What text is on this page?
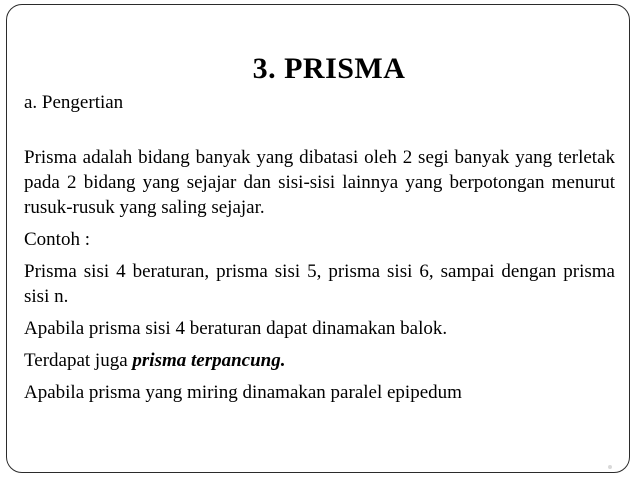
3. PRISMA
a. Pengertian

Prisma adalah bidang banyak yang dibatasi oleh 2 segi banyak yang terletak pada 2 bidang yang sejajar dan sisi-sisi lainnya yang berpotongan menurut rusuk-rusuk yang saling sejajar.

Contoh :

Prisma sisi 4 beraturan, prisma sisi 5, prisma sisi 6, sampai dengan prisma sisi n.

Apabila prisma sisi 4 beraturan dapat dinamakan balok.

Terdapat juga prisma terpancung.

Apabila prisma yang miring dinamakan paralel epipedum
